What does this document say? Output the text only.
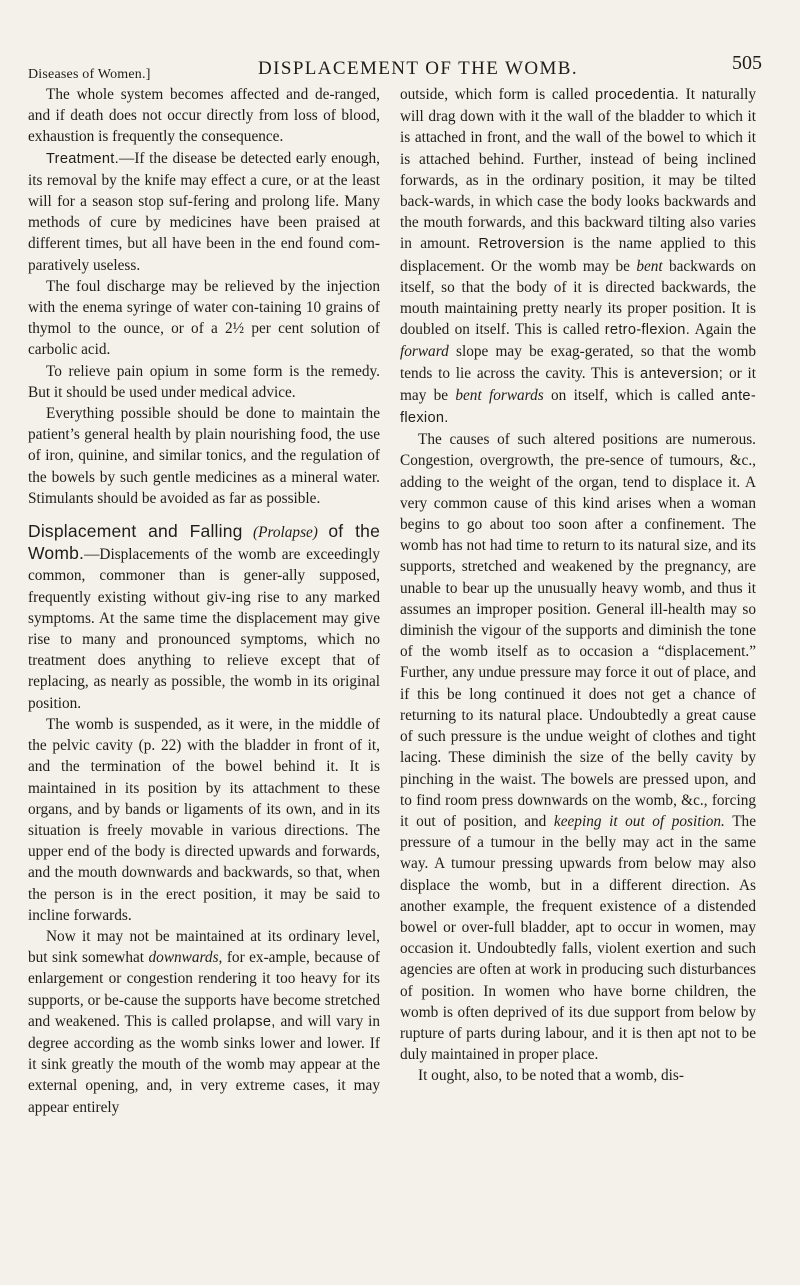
Diseases of Women.]	DISPLACEMENT OF THE WOMB.	505

The whole system becomes affected and de-ranged, and if death does not occur directly from loss of blood, exhaustion is frequently the consequence.

Treatment.—If the disease be detected early enough, its removal by the knife may effect a cure, or at the least will for a season stop suf-fering and prolong life. Many methods of cure by medicines have been praised at different times, but all have been in the end found com-paratively useless.

The foul discharge may be relieved by the injection with the enema syringe of water con-taining 10 grains of thymol to the ounce, or of a 2½ per cent solution of carbolic acid.

To relieve pain opium in some form is the remedy. But it should be used under medical advice.

Everything possible should be done to maintain the patient’s general health by plain nourishing food, the use of iron, quinine, and similar tonics, and the regulation of the bowels by such gentle medicines as a mineral water. Stimulants should be avoided as far as possible.

Displacement and Falling (Prolapse) of the Womb.—Displacements of the womb are exceedingly common, commoner than is gener-ally supposed, frequently existing without giv-ing rise to any marked symptoms. At the same time the displacement may give rise to many and pronounced symptoms, which no treatment does anything to relieve except that of replacing, as nearly as possible, the womb in its original position.

The womb is suspended, as it were, in the middle of the pelvic cavity (p. 22) with the bladder in front of it, and the termination of the bowel behind it. It is maintained in its position by its attachment to these organs, and by bands or ligaments of its own, and in its situation is freely movable in various directions. The upper end of the body is directed upwards and forwards, and the mouth downwards and backwards, so that, when the person is in the erect position, it may be said to incline forwards.

Now it may not be maintained at its ordinary level, but sink somewhat downwards, for ex-ample, because of enlargement or congestion rendering it too heavy for its supports, or be-cause the supports have become stretched and weakened. This is called prolapse, and will vary in degree according as the womb sinks lower and lower. If it sink greatly the mouth of the womb may appear at the external opening, and, in very extreme cases, it may appear entirely

outside, which form is called procedentia. It naturally will drag down with it the wall of the bladder to which it is attached in front, and the wall of the bowel to which it is attached behind. Further, instead of being inclined forwards, as in the ordinary position, it may be tilted back-wards, in which case the body looks backwards and the mouth forwards, and this backward tilting also varies in amount. Retroversion is the name applied to this displacement. Or the womb may be bent backwards on itself, so that the body of it is directed backwards, the mouth maintaining pretty nearly its proper position. It is doubled on itself. This is called retro-flexion. Again the forward slope may be exag-gerated, so that the womb tends to lie across the cavity. This is anteversion; or it may be bent forwards on itself, which is called ante-flexion.

The causes of such altered positions are numerous. Congestion, overgrowth, the pre-sence of tumours, &c., adding to the weight of the organ, tend to displace it. A very common cause of this kind arises when a woman begins to go about too soon after a confinement. The womb has not had time to return to its natural size, and its supports, stretched and weakened by the pregnancy, are unable to bear up the unusually heavy womb, and thus it assumes an improper position. General ill-health may so diminish the vigour of the supports and diminish the tone of the womb itself as to occasion a “displacement.” Further, any undue pressure may force it out of place, and if this be long continued it does not get a chance of returning to its natural place. Undoubtedly a great cause of such pressure is the undue weight of clothes and tight lacing. These diminish the size of the belly cavity by pinching in the waist. The bowels are pressed upon, and to find room press downwards on the womb, &c., forcing it out of position, and keeping it out of position. The pressure of a tumour in the belly may act in the same way. A tumour pressing upwards from below may also displace the womb, but in a different direction. As another example, the frequent existence of a distended bowel or over-full bladder, apt to occur in women, may occasion it. Undoubtedly falls, violent exertion and such agencies are often at work in producing such disturbances of position. In women who have borne children, the womb is often deprived of its due support from below by rupture of parts during labour, and it is then apt not to be duly maintained in proper place.

It ought, also, to be noted that a womb, dis-
